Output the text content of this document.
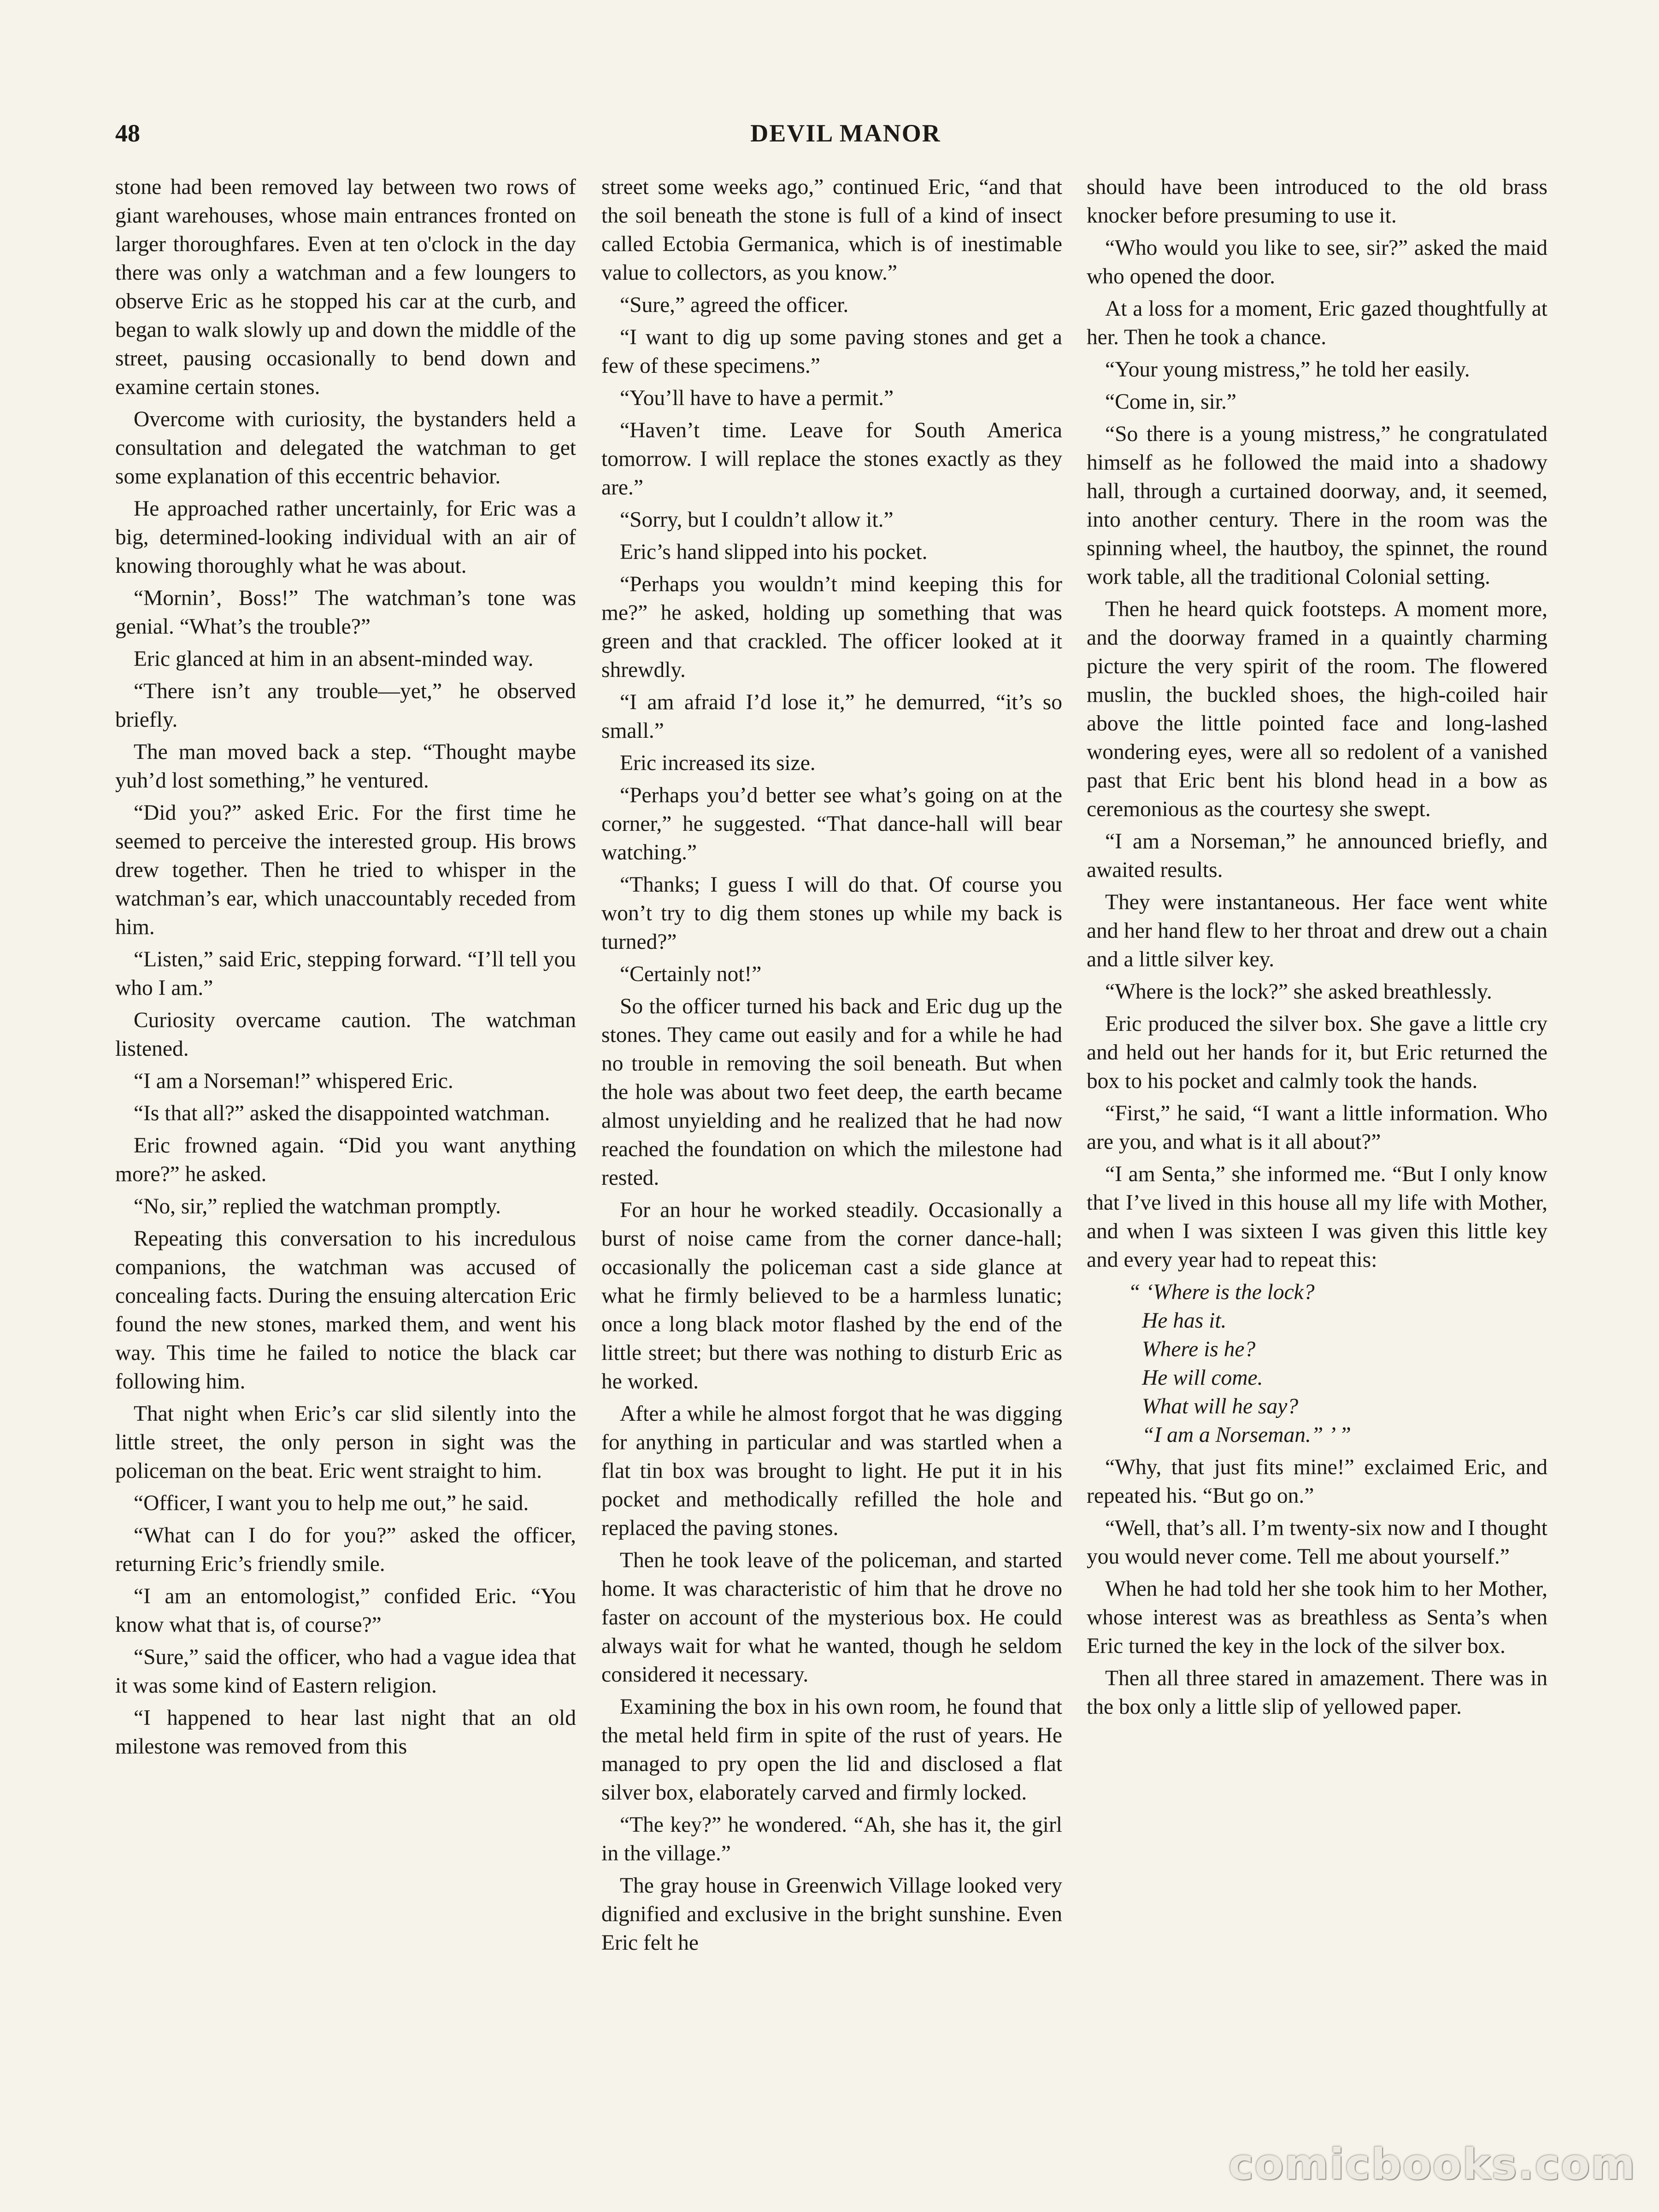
48	DEVIL MANOR

stone had been removed lay between two rows of giant warehouses, whose main entrances fronted on larger thoroughfares. Even at ten o'clock in the day there was only a watchman and a few loungers to observe Eric as he stopped his car at the curb, and began to walk slowly up and down the middle of the street, pausing occasionally to bend down and examine certain stones.

Overcome with curiosity, the bystanders held a consultation and delegated the watchman to get some explanation of this eccentric behavior.

He approached rather uncertainly, for Eric was a big, determined-looking individual with an air of knowing thoroughly what he was about.

“Mornin’, Boss!” The watchman’s tone was genial. “What’s the trouble?”

Eric glanced at him in an absent-minded way.

“There isn’t any trouble—yet,” he observed briefly.

The man moved back a step. “Thought maybe yuh’d lost something,” he ventured.

“Did you?” asked Eric. For the first time he seemed to perceive the interested group. His brows drew together. Then he tried to whisper in the watchman’s ear, which unaccountably receded from him.

“Listen,” said Eric, stepping forward. “I’ll tell you who I am.”

Curiosity overcame caution. The watchman listened.

“I am a Norseman!” whispered Eric.

“Is that all?” asked the disappointed watchman.

Eric frowned again. “Did you want anything more?” he asked.

“No, sir,” replied the watchman promptly.

Repeating this conversation to his incredulous companions, the watchman was accused of concealing facts. During the ensuing altercation Eric found the new stones, marked them, and went his way. This time he failed to notice the black car following him.

That night when Eric’s car slid silently into the little street, the only person in sight was the policeman on the beat. Eric went straight to him.

“Officer, I want you to help me out,” he said.

“What can I do for you?” asked the officer, returning Eric’s friendly smile.

“I am an entomologist,” confided Eric. “You know what that is, of course?”

“Sure,” said the officer, who had a vague idea that it was some kind of Eastern religion.

“I happened to hear last night that an old milestone was removed from this

street some weeks ago,” continued Eric, “and that the soil beneath the stone is full of a kind of insect called Ectobia Germanica, which is of inestimable value to collectors, as you know.”

“Sure,” agreed the officer.

“I want to dig up some paving stones and get a few of these specimens.”

“You’ll have to have a permit.”

“Haven’t time. Leave for South America tomorrow. I will replace the stones exactly as they are.”

“Sorry, but I couldn’t allow it.”

Eric’s hand slipped into his pocket.

“Perhaps you wouldn’t mind keeping this for me?” he asked, holding up something that was green and that crackled. The officer looked at it shrewdly.

“I am afraid I’d lose it,” he demurred, “it’s so small.”

Eric increased its size.

“Perhaps you’d better see what’s going on at the corner,” he suggested. “That dance-hall will bear watching.”

“Thanks; I guess I will do that. Of course you won’t try to dig them stones up while my back is turned?”

“Certainly not!”

So the officer turned his back and Eric dug up the stones. They came out easily and for a while he had no trouble in removing the soil beneath. But when the hole was about two feet deep, the earth became almost unyielding and he realized that he had now reached the foundation on which the milestone had rested.

For an hour he worked steadily. Occasionally a burst of noise came from the corner dance-hall; occasionally the policeman cast a side glance at what he firmly believed to be a harmless lunatic; once a long black motor flashed by the end of the little street; but there was nothing to disturb Eric as he worked.

After a while he almost forgot that he was digging for anything in particular and was startled when a flat tin box was brought to light. He put it in his pocket and methodically refilled the hole and replaced the paving stones.

Then he took leave of the policeman, and started home. It was characteristic of him that he drove no faster on account of the mysterious box. He could always wait for what he wanted, though he seldom considered it necessary.

Examining the box in his own room, he found that the metal held firm in spite of the rust of years. He managed to pry open the lid and disclosed a flat silver box, elaborately carved and firmly locked.

“The key?” he wondered. “Ah, she has it, the girl in the village.”

The gray house in Greenwich Village looked very dignified and exclusive in the bright sunshine. Even Eric felt he

should have been introduced to the old brass knocker before presuming to use it.

“Who would you like to see, sir?” asked the maid who opened the door.

At a loss for a moment, Eric gazed thoughtfully at her. Then he took a chance.

“Your young mistress,” he told her easily.

“Come in, sir.”

“So there is a young mistress,” he congratulated himself as he followed the maid into a shadowy hall, through a curtained doorway, and, it seemed, into another century. There in the room was the spinning wheel, the hautboy, the spinnet, the round work table, all the traditional Colonial setting.

Then he heard quick footsteps. A moment more, and the doorway framed in a quaintly charming picture the very spirit of the room. The flowered muslin, the buckled shoes, the high-coiled hair above the little pointed face and long-lashed wondering eyes, were all so redolent of a vanished past that Eric bent his blond head in a bow as ceremonious as the courtesy she swept.

“I am a Norseman,” he announced briefly, and awaited results.

They were instantaneous. Her face went white and her hand flew to her throat and drew out a chain and a little silver key.

“Where is the lock?” she asked breathlessly.

Eric produced the silver box. She gave a little cry and held out her hands for it, but Eric returned the box to his pocket and calmly took the hands.

“First,” he said, “I want a little information. Who are you, and what is it all about?”

“I am Senta,” she informed me. “But I only know that I’ve lived in this house all my life with Mother, and when I was sixteen I was given this little key and every year had to repeat this:

“ ‘Where is the lock?

He has it.

Where is he?

He will come.

What will he say?

“I am a Norseman.” ’ ”

“Why, that just fits mine!” exclaimed Eric, and repeated his. “But go on.”

“Well, that’s all. I’m twenty-six now and I thought you would never come. Tell me about yourself.”

When he had told her she took him to her Mother, whose interest was as breathless as Senta’s when Eric turned the key in the lock of the silver box.

Then all three stared in amazement. There was in the box only a little slip of yellowed paper.

comicbooks.com
